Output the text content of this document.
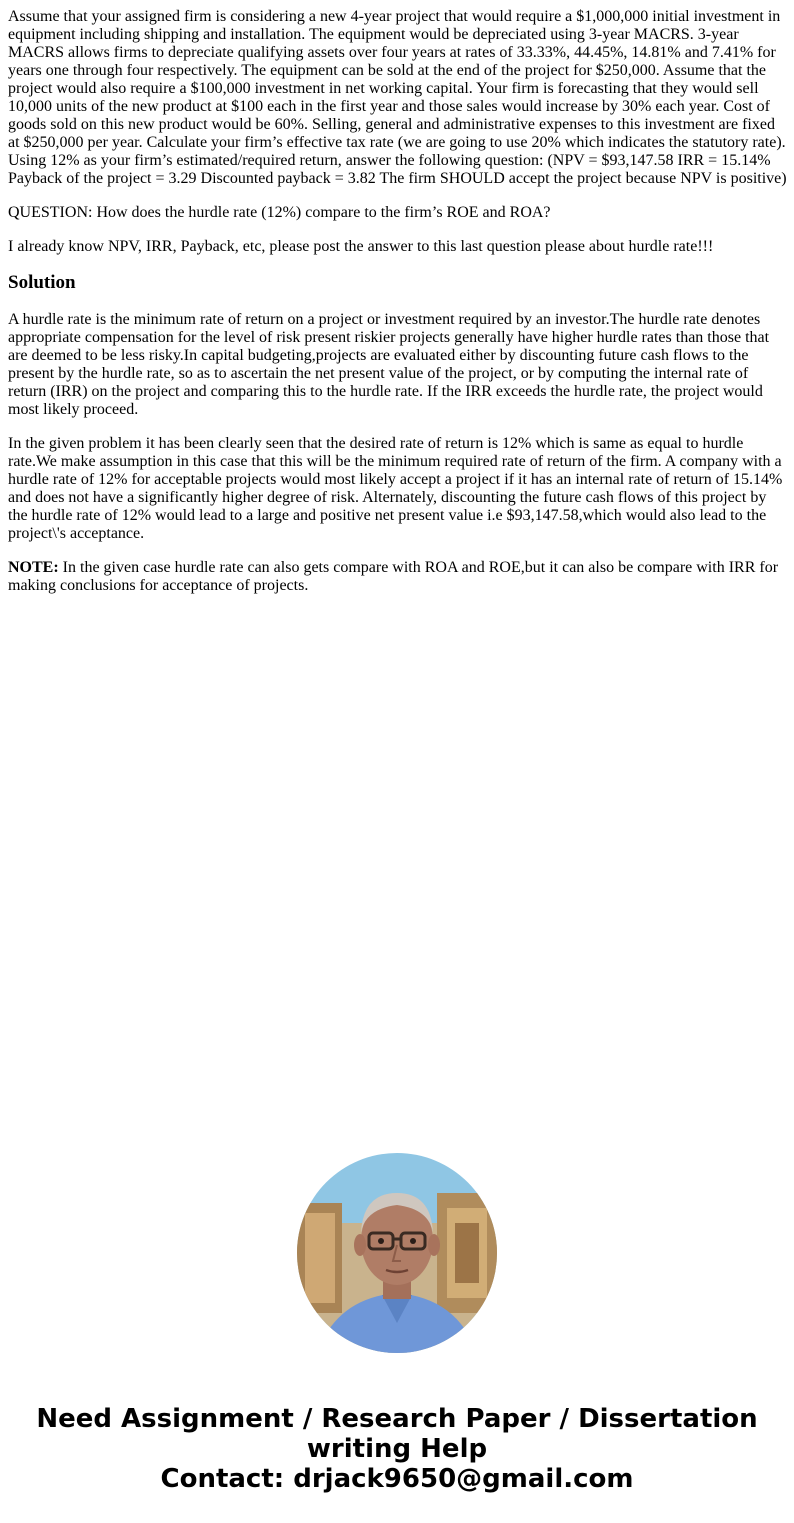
Assume that your assigned firm is considering a new 4-year project that would require a $1,000,000 initial investment in equipment including shipping and installation. The equipment would be depreciated using 3-year MACRS. 3-year MACRS allows firms to depreciate qualifying assets over four years at rates of 33.33%, 44.45%, 14.81% and 7.41% for years one through four respectively. The equipment can be sold at the end of the project for $250,000. Assume that the project would also require a $100,000 investment in net working capital. Your firm is forecasting that they would sell 10,000 units of the new product at $100 each in the first year and those sales would increase by 30% each year. Cost of goods sold on this new product would be 60%. Selling, general and administrative expenses to this investment are fixed at $250,000 per year. Calculate your firm’s effective tax rate (we are going to use 20% which indicates the statutory rate). Using 12% as your firm’s estimated/required return, answer the following question: (NPV = $93,147.58 IRR = 15.14% Payback of the project = 3.29 Discounted payback = 3.82 The firm SHOULD accept the project because NPV is positive)

QUESTION: How does the hurdle rate (12%) compare to the firm’s ROE and ROA?

I already know NPV, IRR, Payback, etc, please post the answer to this last question please about hurdle rate!!!

Solution

A hurdle rate is the minimum rate of return on a project or investment required by an investor.The hurdle rate denotes appropriate compensation for the level of risk present riskier projects generally have higher hurdle rates than those that are deemed to be less risky.In capital budgeting,projects are evaluated either by discounting future cash flows to the present by the hurdle rate, so as to ascertain the net present value of the project, or by computing the internal rate of return (IRR) on the project and comparing this to the hurdle rate. If the IRR exceeds the hurdle rate, the project would most likely proceed.

In the given problem it has been clearly seen that the desired rate of return is 12% which is same as equal to hurdle rate.We make assumption in this case that this will be the minimum required rate of return of the firm. A company with a hurdle rate of 12% for acceptable projects would most likely accept a project if it has an internal rate of return of 15.14% and does not have a significantly higher degree of risk. Alternately, discounting the future cash flows of this project by the hurdle rate of 12% would lead to a large and positive net present value i.e $93,147.58,which would also lead to the project\'s acceptance.

NOTE: In the given case hurdle rate can also gets compare with ROA and ROE,but it can also be compare with IRR for making conclusions for acceptance of projects.

Need Assignment / Research Paper / Dissertation
writing Help
Contact: drjack9650@gmail.com
